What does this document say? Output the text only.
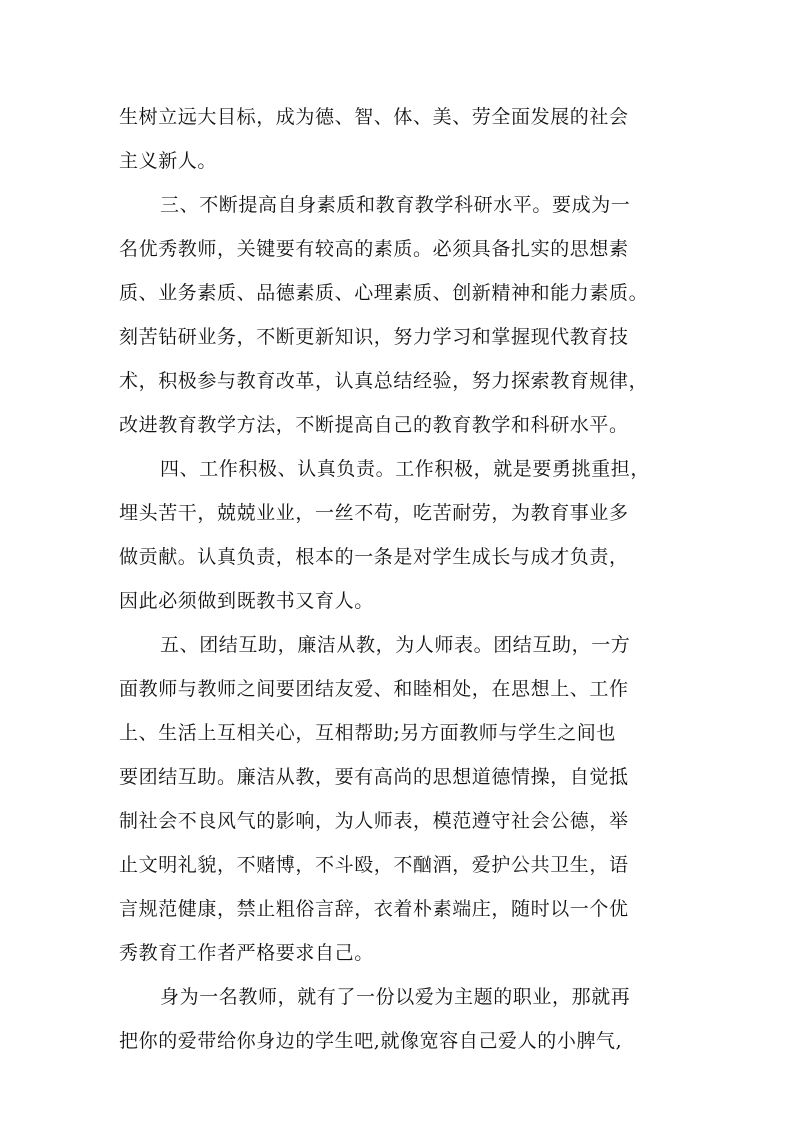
生树立远大目标，成为德、智、体、美、劳全面发展的社会
主义新人。
三、不断提高自身素质和教育教学科研水平。要成为一
名优秀教师，关键要有较高的素质。必须具备扎实的思想素
质、业务素质、品德素质、心理素质、创新精神和能力素质。
刻苦钻研业务，不断更新知识，努力学习和掌握现代教育技
术，积极参与教育改革，认真总结经验，努力探索教育规律，
改进教育教学方法，不断提高自己的教育教学和科研水平。
四、工作积极、认真负责。工作积极，就是要勇挑重担，
埋头苦干，兢兢业业，一丝不苟，吃苦耐劳，为教育事业多
做贡献。认真负责，根本的一条是对学生成长与成才负责，
因此必须做到既教书又育人。
五、团结互助，廉洁从教，为人师表。团结互助，一方
面教师与教师之间要团结友爱、和睦相处，在思想上、工作
上、生活上互相关心，互相帮助;另方面教师与学生之间也
要团结互助。廉洁从教，要有高尚的思想道德情操，自觉抵
制社会不良风气的影响，为人师表，模范遵守社会公德，举
止文明礼貌，不赌博，不斗殴，不酗酒，爱护公共卫生，语
言规范健康，禁止粗俗言辞，衣着朴素端庄，随时以一个优
秀教育工作者严格要求自己。
身为一名教师，就有了一份以爱为主题的职业，那就再
把你的爱带给你身边的学生吧,就像宽容自己爱人的小脾气,
